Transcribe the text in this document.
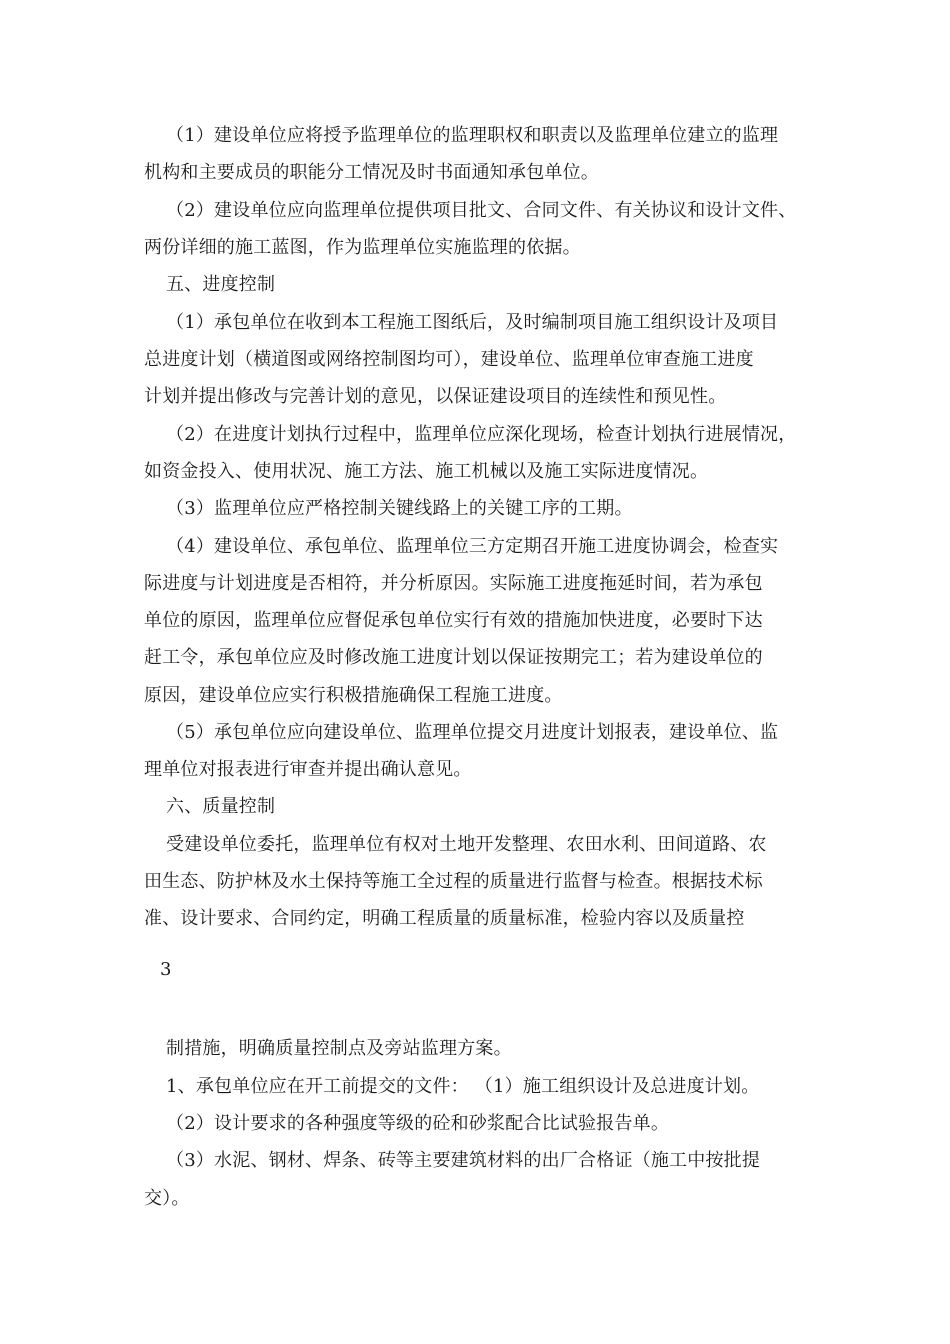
（1）建设单位应将授予监理单位的监理职权和职责以及监理单位建立的监理
机构和主要成员的职能分工情况及时书面通知承包单位。
（2）建设单位应向监理单位提供项目批文、合同文件、有关协议和设计文件、
两份详细的施工蓝图，作为监理单位实施监理的依据。
五、进度控制
（1）承包单位在收到本工程施工图纸后，及时编制项目施工组织设计及项目
总进度计划（横道图或网络控制图均可），建设单位、监理单位审查施工进度
计划并提出修改与完善计划的意见，以保证建设项目的连续性和预见性。
（2）在进度计划执行过程中，监理单位应深化现场，检查计划执行进展情况，
如资金投入、使用状况、施工方法、施工机械以及施工实际进度情况。
（3）监理单位应严格控制关键线路上的关键工序的工期。
（4）建设单位、承包单位、监理单位三方定期召开施工进度协调会，检查实
际进度与计划进度是否相符，并分析原因。实际施工进度拖延时间，若为承包
单位的原因，监理单位应督促承包单位实行有效的措施加快进度，必要时下达
赶工令，承包单位应及时修改施工进度计划以保证按期完工；若为建设单位的
原因，建设单位应实行积极措施确保工程施工进度。
（5）承包单位应向建设单位、监理单位提交月进度计划报表，建设单位、监
理单位对报表进行审查并提出确认意见。
六、质量控制
受建设单位委托，监理单位有权对土地开发整理、农田水利、田间道路、农
田生态、防护林及水土保持等施工全过程的质量进行监督与检查。根据技术标
准、设计要求、合同约定，明确工程质量的质量标准，检验内容以及质量控
3
制措施，明确质量控制点及旁站监理方案。
1、承包单位应在开工前提交的文件： （1）施工组织设计及总进度计划。
（2）设计要求的各种强度等级的砼和砂浆配合比试验报告单。
（3）水泥、钢材、焊条、砖等主要建筑材料的出厂合格证（施工中按批提
交）。
